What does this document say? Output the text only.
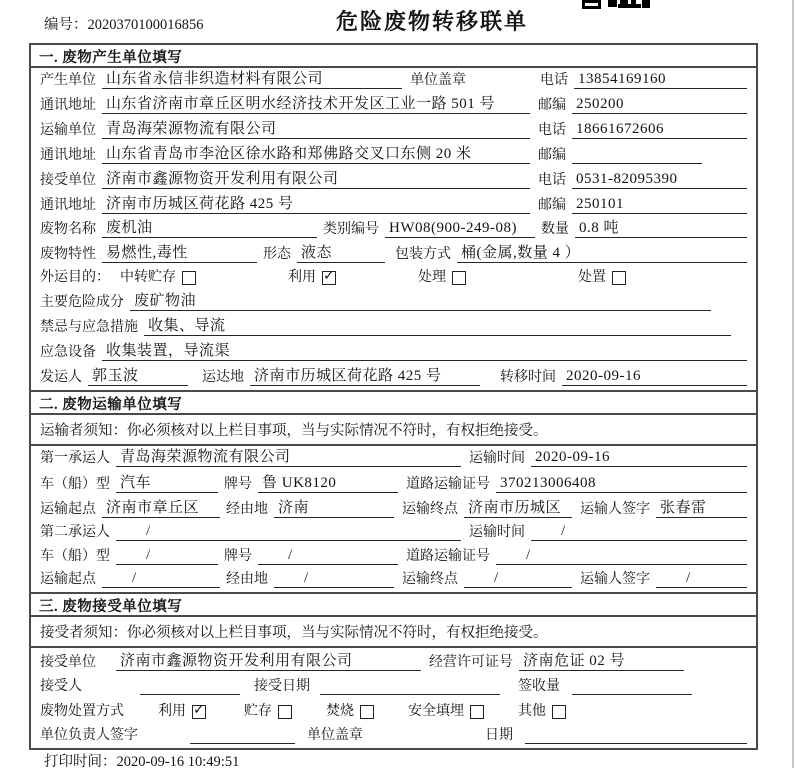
编号：2020370100016856	危险废物转移联单
一. 废物产生单位填写
产生单位 山东省永信非织造材料有限公司	单位盖章	电话 13854169160
通讯地址 山东省济南市章丘区明水经济技术开发区工业一路 501 号	邮编 250200
运输单位 青岛海荣源物流有限公司	电话 18661672606
通讯地址 山东省青岛市李沧区徐水路和郑佛路交叉口东侧 20 米	邮编
接受单位 济南市鑫源物资开发利用有限公司	电话 0531-82095390
通讯地址 济南市历城区荷花路 425 号	邮编 250101
废物名称 废机油	类别编号 HW08(900-249-08)	数量 0.8 吨
废物特性 易燃性,毒性	形态 液态	包装方式 桶(金属,数量 4 ）
外运目的： 中转贮存	利用 ✓	处理	处置
主要危险成分 废矿物油
禁忌与应急措施 收集、导流
应急设备 收集装置，导流渠
发运人 郭玉波	运达地 济南市历城区荷花路 425 号	转移时间 2020-09-16
二. 废物运输单位填写
运输者须知：你必须核对以上栏目事项，当与实际情况不符时，有权拒绝接受。
第一承运人 青岛海荣源物流有限公司	运输时间 2020-09-16
车（船）型 汽车	牌号 鲁 UK8120	道路运输证号 370213006408
运输起点 济南市章丘区	经由地 济南	运输终点 济南市历城区	运输人签字 张春雷
第二承运人	/	运输时间	/
车（船）型	/	牌号	/	道路运输证号	/
运输起点	/	经由地	/	运输终点	/	运输人签字	/
三. 废物接受单位填写
接受者须知：你必须核对以上栏目事项，当与实际情况不符时，有权拒绝接受。
接受单位 济南市鑫源物资开发利用有限公司	经营许可证号 济南危证 02 号
接受人	接受日期	签收量
废物处置方式 利用 ✓	贮存	焚烧	安全填埋	其他
单位负责人签字	单位盖章	日期
打印时间：2020-09-16 10:49:51
